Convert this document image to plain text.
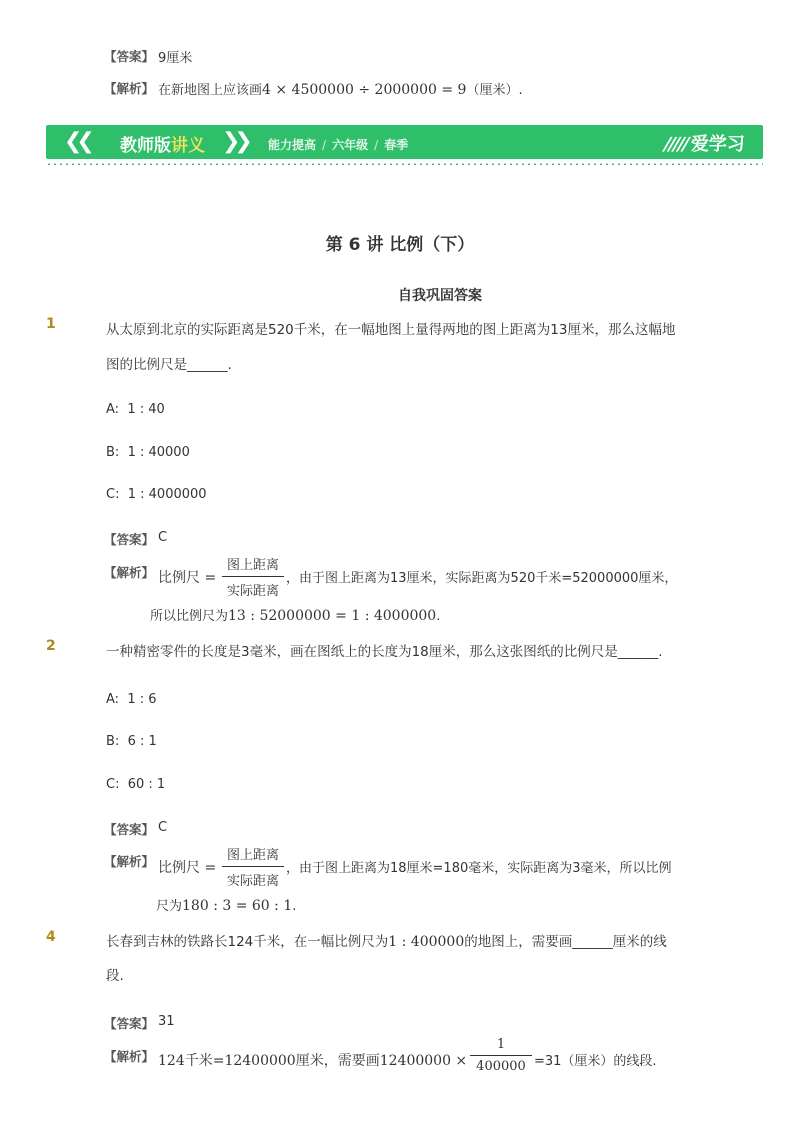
【答案】 9厘米
【解析】 在新地图上应该画4 × 4500000 ÷ 2000000 = 9（厘米）.
❮❮	❯❯
教师版讲义	能力提高 / 六年级 / 春季	/////爱学习
第 6 讲 比例（下）
自我巩固答案
1	从太原到北京的实际距离是520千米，在一幅地图上量得两地的图上距离为13厘米，那么这幅地
图的比例尺是______.
A: 1 : 40
B: 1 : 40000
C: 1 : 4000000
【答案】 C
【解析】 比例尺 =
图上距离
实际距离
，由于图上距离为13厘米，实际距离为520千米=52000000厘米，
所以比例尺为13 : 52000000 = 1 : 4000000.
2	一种精密零件的长度是3毫米，画在图纸上的长度为18厘米，那么这张图纸的比例尺是______.
A: 1 : 6
B: 6 : 1
C: 60 : 1
【答案】 C
【解析】 比例尺 =
图上距离
实际距离
，由于图上距离为18厘米=180毫米，实际距离为3毫米，所以比例
尺为180 : 3 = 60 : 1.
4	长春到吉林的铁路长124千米，在一幅比例尺为1 : 400000的地图上，需要画______厘米的线
段.
【答案】 31
【解析】 124千米=12400000厘米，需要画12400000 ×
1
400000 =31（厘米）的线段.
